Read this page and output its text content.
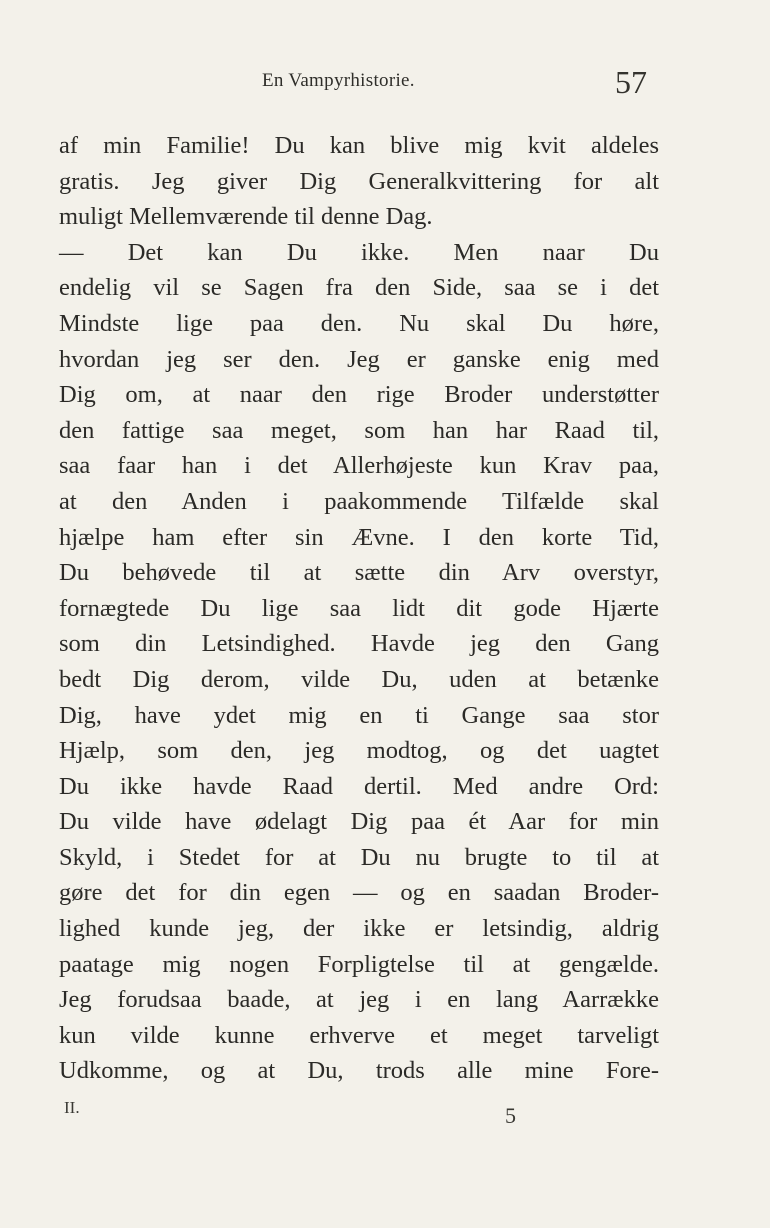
En Vampyrhistorie.	57
af min Familie! Du kan blive mig kvit aldeles
gratis. Jeg giver Dig Generalkvittering for alt
muligt Mellemværende til denne Dag.
— Det kan Du ikke. Men naar Du
endelig vil se Sagen fra den Side, saa se i det
Mindste lige paa den. Nu skal Du høre,
hvordan jeg ser den. Jeg er ganske enig med
Dig om, at naar den rige Broder understøtter
den fattige saa meget, som han har Raad til,
saa faar han i det Allerhøjeste kun Krav paa,
at den Anden i paakommende Tilfælde skal
hjælpe ham efter sin Ævne. I den korte Tid,
Du behøvede til at sætte din Arv overstyr,
fornægtede Du lige saa lidt dit gode Hjærte
som din Letsindighed. Havde jeg den Gang
bedt Dig derom, vilde Du, uden at betænke
Dig, have ydet mig en ti Gange saa stor
Hjælp, som den, jeg modtog, og det uagtet
Du ikke havde Raad dertil. Med andre Ord:
Du vilde have ødelagt Dig paa ét Aar for min
Skyld, i Stedet for at Du nu brugte to til at
gøre det for din egen — og en saadan Broder-
lighed kunde jeg, der ikke er letsindig, aldrig
paatage mig nogen Forpligtelse til at gengælde.
Jeg forudsaa baade, at jeg i en lang Aarrække
kun vilde kunne erhverve et meget tarveligt
Udkomme, og at Du, trods alle mine Fore-
II.	5
